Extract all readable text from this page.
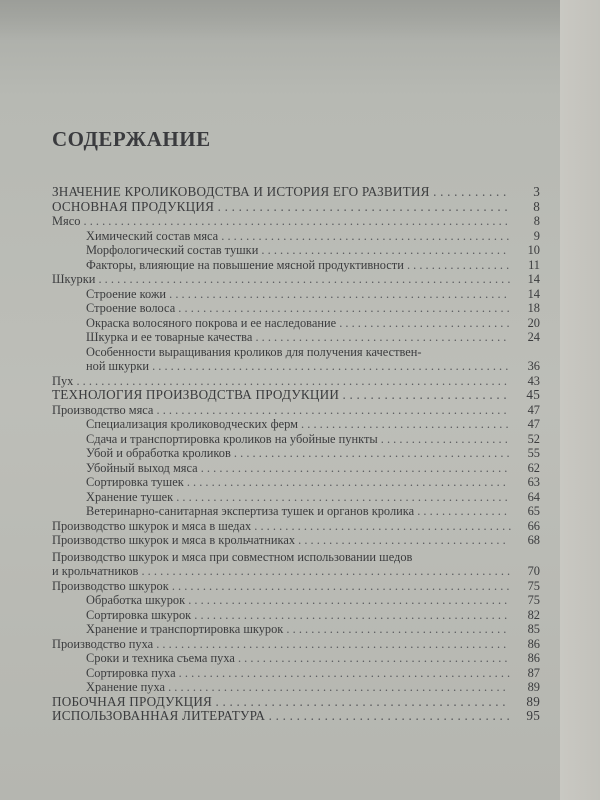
СОДЕРЖАНИЕ
ЗНАЧЕНИЕ КРОЛИКОВОДСТВА И ИСТОРИЯ ЕГО РАЗВИТИЯ . . . . . . . . . . .	3
ОСНОВНАЯ ПРОДУКЦИЯ . . . . . . . . . . . . . . . . . . . . . . . . . . . . . . . . . . . . . . . . . .	8
Мясо . . . . . . . . . . . . . . . . . . . . . . . . . . . . . . . . . . . . . . . . . . . . . . . . . . . . . . . . . . . . . . . . . . . . .	8
Химический состав мяса . . . . . . . . . . . . . . . . . . . . . . . . . . . . . . . . . . . . . . . . . . . . . . .	9
Морфологический состав тушки . . . . . . . . . . . . . . . . . . . . . . . . . . . . . . . . . . . . . . . .	10
Факторы, влияющие на повышение мясной продуктивности . . . . . . . . . . . . . . . . .	11
Шкурки . . . . . . . . . . . . . . . . . . . . . . . . . . . . . . . . . . . . . . . . . . . . . . . . . . . . . . . . . . . . . . . . . . .	14
Строение кожи . . . . . . . . . . . . . . . . . . . . . . . . . . . . . . . . . . . . . . . . . . . . . . . . . . . . . . .	14
Строение волоса . . . . . . . . . . . . . . . . . . . . . . . . . . . . . . . . . . . . . . . . . . . . . . . . . . . . . .	18
Окраска волосяного покрова и ее наследование . . . . . . . . . . . . . . . . . . . . . . . . . . . .	20
Шкурка и ее товарные качества . . . . . . . . . . . . . . . . . . . . . . . . . . . . . . . . . . . . . . . . .	24
Особенности выращивания кроликов для получения качествен-
ной шкурки . . . . . . . . . . . . . . . . . . . . . . . . . . . . . . . . . . . . . . . . . . . . . . . . . . . . . . . . . .	36
Пух . . . . . . . . . . . . . . . . . . . . . . . . . . . . . . . . . . . . . . . . . . . . . . . . . . . . . . . . . . . . . . . . . . . . . .	43
ТЕХНОЛОГИЯ ПРОИЗВОДСТВА ПРОДУКЦИИ . . . . . . . . . . . . . . . . . . . . . . . .	45
Производство мяса . . . . . . . . . . . . . . . . . . . . . . . . . . . . . . . . . . . . . . . . . . . . . . . . . . . . . . . . .	47
Специализация кролиководческих ферм . . . . . . . . . . . . . . . . . . . . . . . . . . . . . . . . . .	47
Сдача и транспортировка кроликов на убойные пункты . . . . . . . . . . . . . . . . . . . . .	52
Убой и обработка кроликов . . . . . . . . . . . . . . . . . . . . . . . . . . . . . . . . . . . . . . . . . . . . .	55
Убойный выход мяса . . . . . . . . . . . . . . . . . . . . . . . . . . . . . . . . . . . . . . . . . . . . . . . . . .	62
Сортировка тушек . . . . . . . . . . . . . . . . . . . . . . . . . . . . . . . . . . . . . . . . . . . . . . . . . . . .	63
Хранение тушек . . . . . . . . . . . . . . . . . . . . . . . . . . . . . . . . . . . . . . . . . . . . . . . . . . . . . .	64
Ветеринарно-санитарная экспертиза тушек и органов кролика . . . . . . . . . . . . . . .	65
Производство шкурок и мяса в шедах . . . . . . . . . . . . . . . . . . . . . . . . . . . . . . . . . . . . . . . . . .	66
Производство шкурок и мяса в крольчатниках . . . . . . . . . . . . . . . . . . . . . . . . . . . . . . . . . .	68
Производство шкурок и мяса при совместном использовании шедов
и крольчатников . . . . . . . . . . . . . . . . . . . . . . . . . . . . . . . . . . . . . . . . . . . . . . . . . . . . . . . . . . . .	70
Производство шкурок . . . . . . . . . . . . . . . . . . . . . . . . . . . . . . . . . . . . . . . . . . . . . . . . . . . . . . .	75
Обработка шкурок . . . . . . . . . . . . . . . . . . . . . . . . . . . . . . . . . . . . . . . . . . . . . . . . . . . .	75
Сортировка шкурок . . . . . . . . . . . . . . . . . . . . . . . . . . . . . . . . . . . . . . . . . . . . . . . . . . .	82
Хранение и транспортировка шкурок . . . . . . . . . . . . . . . . . . . . . . . . . . . . . . . . . . . .	85
Производство пуха . . . . . . . . . . . . . . . . . . . . . . . . . . . . . . . . . . . . . . . . . . . . . . . . . . . . . . . . .	86
Сроки и техника съема пуха . . . . . . . . . . . . . . . . . . . . . . . . . . . . . . . . . . . . . . . . . . . .	86
Сортировка пуха . . . . . . . . . . . . . . . . . . . . . . . . . . . . . . . . . . . . . . . . . . . . . . . . . . . . . .	87
Хранение пуха . . . . . . . . . . . . . . . . . . . . . . . . . . . . . . . . . . . . . . . . . . . . . . . . . . . . . . .	89
ПОБОЧНАЯ ПРОДУКЦИЯ . . . . . . . . . . . . . . . . . . . . . . . . . . . . . . . . . . . . . . . . . .	89
ИСПОЛЬЗОВАННАЯ ЛИТЕРАТУРА . . . . . . . . . . . . . . . . . . . . . . . . . . . . . . . . . . .	95
